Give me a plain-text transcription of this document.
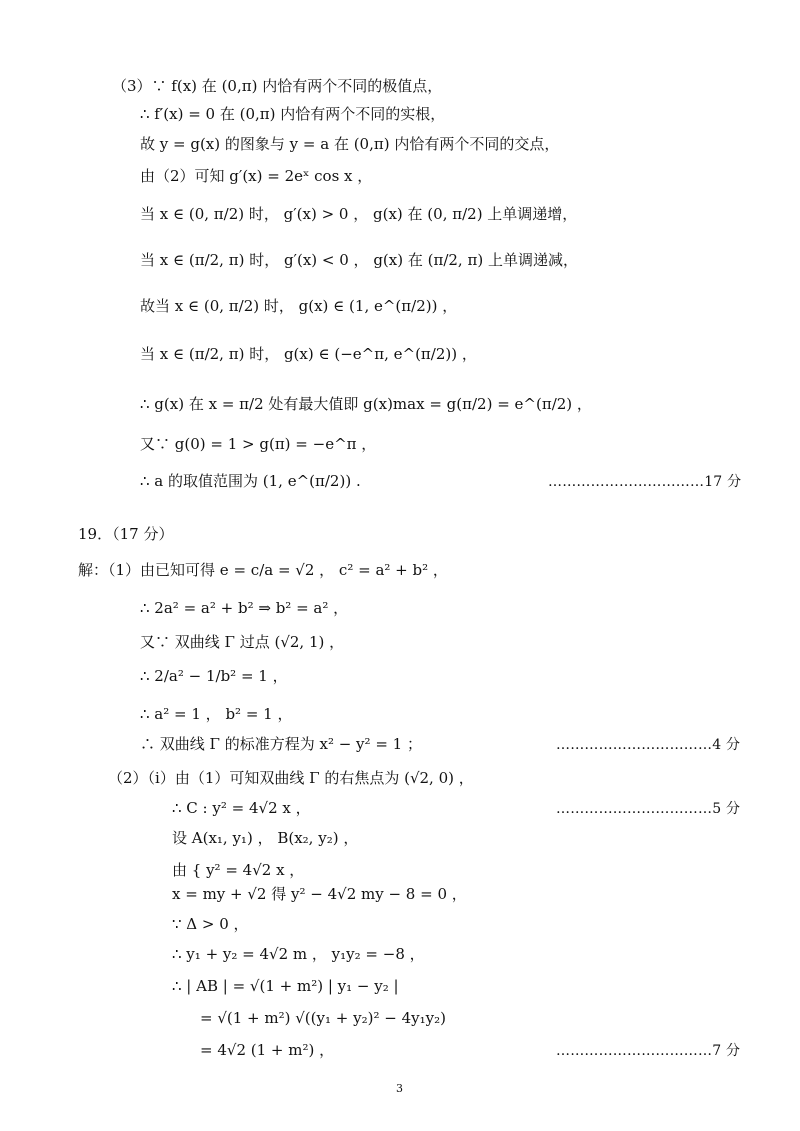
（3）∵ f(x) 在 (0,π) 内恰有两个不同的极值点，
∴ f′(x) = 0 在 (0,π) 内恰有两个不同的实根，
故 y = g(x) 的图象与 y = a 在 (0,π) 内恰有两个不同的交点，
由（2）可知 g′(x) = 2eˣ cos x ，
当 x ∈ (0, π/2) 时， g′(x) > 0 ， g(x) 在 (0, π/2) 上单调递增，
当 x ∈ (π/2, π) 时， g′(x) < 0 ， g(x) 在 (π/2, π) 上单调递减，
故当 x ∈ (0, π/2) 时， g(x) ∈ (1, e^(π/2)) ，
当 x ∈ (π/2, π) 时， g(x) ∈ (−e^π, e^(π/2)) ，
∴ g(x) 在 x = π/2 处有最大值即 g(x)max = g(π/2) = e^(π/2) ，
又∵ g(0) = 1 > g(π) = −e^π ，
∴ a 的取值范围为 (1, e^(π/2)) .	……………………………17 分
19．（17 分）
解：（1）由已知可得 e = c/a = √2 ， c² = a² + b² ，
∴ 2a² = a² + b² ⇒ b² = a² ，
又∵ 双曲线 Γ 过点 (√2, 1) ，
∴ 2/a² − 1/b² = 1 ，
∴ a² = 1 ， b² = 1 ，
∴ 双曲线 Γ 的标准方程为 x² − y² = 1 ；	……………………………4 分
（2）（ⅰ）由（1）可知双曲线 Γ 的右焦点为 (√2, 0) ，
∴ C : y² = 4√2 x ，	……………………………5 分
设 A(x₁, y₁) ， B(x₂, y₂) ，
由 { y² = 4√2 x ，
x = my + √2 得 y² − 4√2 my − 8 = 0 ，
∵ Δ > 0 ，
∴ y₁ + y₂ = 4√2 m ， y₁y₂ = −8 ，
∴ | AB | = √(1 + m²) | y₁ − y₂ |
= √(1 + m²) √((y₁ + y₂)² − 4y₁y₂)
= 4√2 (1 + m²) ，	……………………………7 分
3
